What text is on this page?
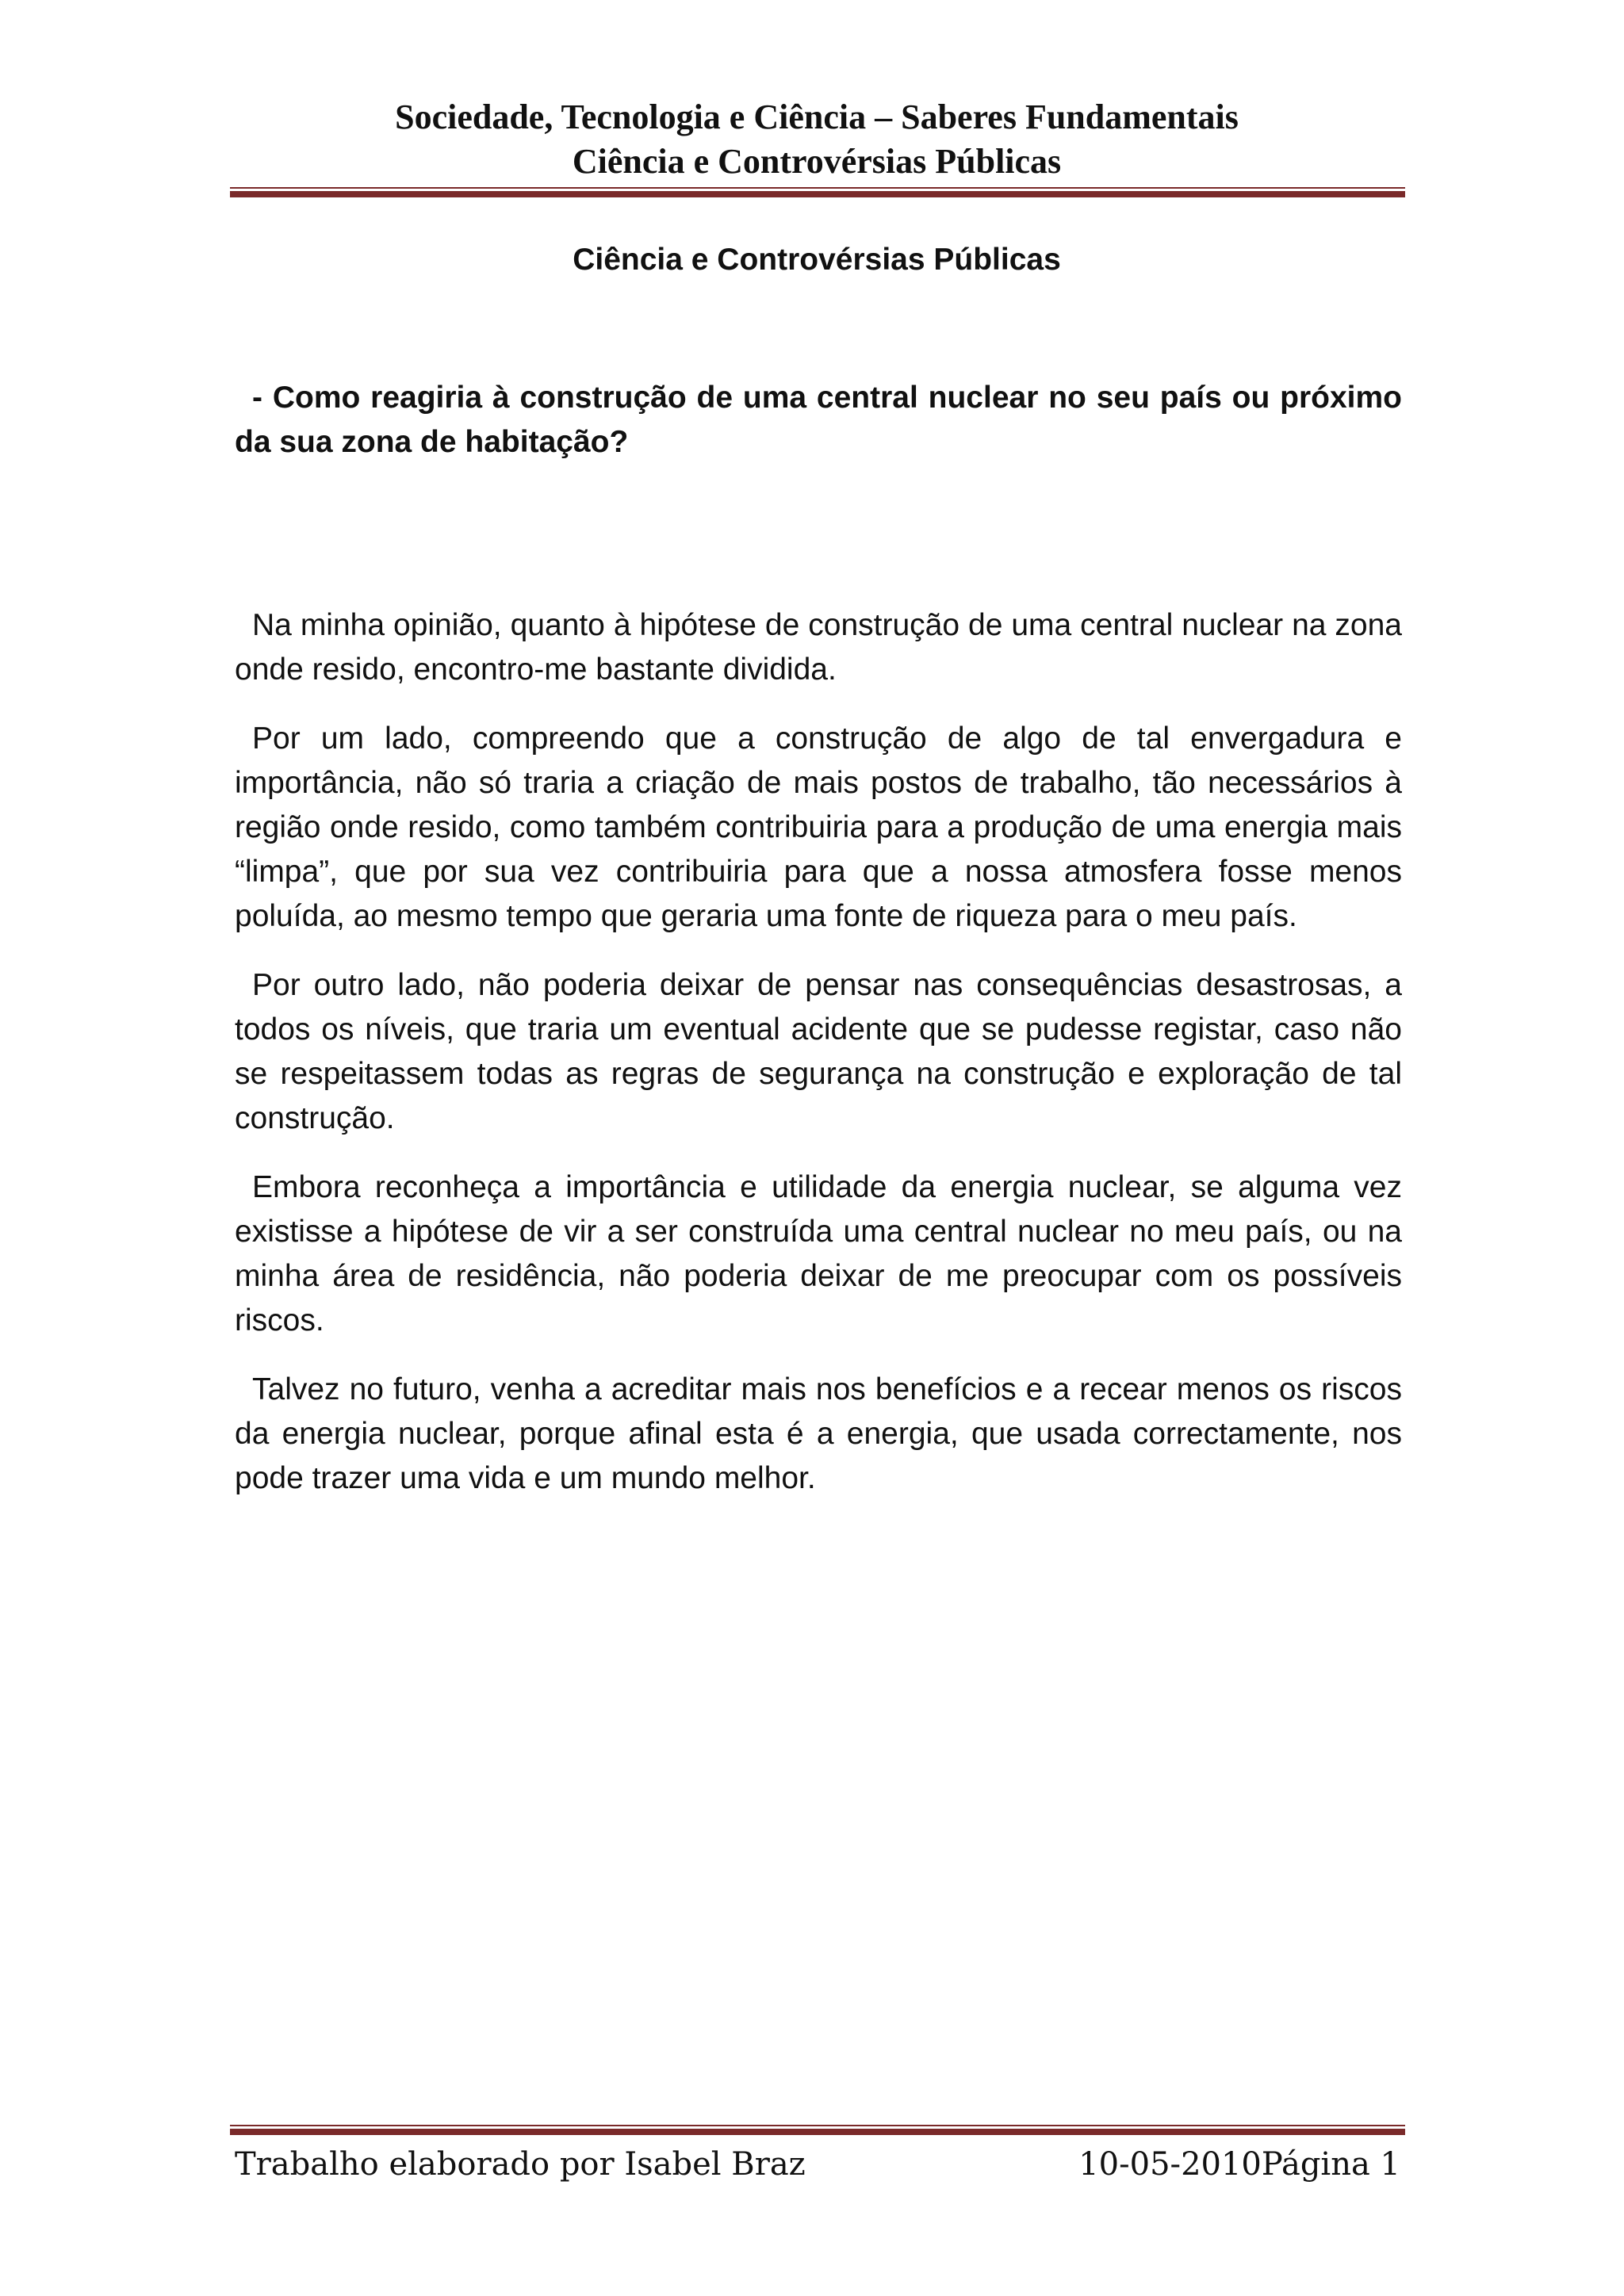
Sociedade, Tecnologia e Ciência – Saberes Fundamentais

Ciência e Controvérsias Públicas

Ciência e Controvérsias Públicas

- Como reagiria à construção de uma central nuclear no seu país ou próximo da sua zona de habitação?

Na minha opinião, quanto à hipótese de construção de uma central nuclear na zona onde resido, encontro-me bastante dividida.

Por um lado, compreendo que a construção de algo de tal envergadura e importância, não só traria a criação de mais postos de trabalho, tão necessários à região onde resido, como também contribuiria para a produção de uma energia mais “limpa”, que por sua vez contribuiria para que a nossa atmosfera fosse menos poluída, ao mesmo tempo que geraria uma fonte de riqueza para o meu país.

Por outro lado, não poderia deixar de pensar nas consequências desastrosas, a todos os níveis, que traria um eventual acidente que se pudesse registar, caso não se respeitassem todas as regras de segurança na construção e exploração de tal construção.

Embora reconheça a importância e utilidade da energia nuclear, se alguma vez existisse a hipótese de vir a ser construída uma central nuclear no meu país, ou na minha área de residência, não poderia deixar de me preocupar com os possíveis riscos.

Talvez no futuro, venha a acreditar mais nos benefícios e a recear menos os riscos da energia nuclear, porque afinal esta é a energia, que usada correctamente, nos pode trazer uma vida e um mundo melhor.

Trabalho elaborado por Isabel Braz	10-05-2010Página 1
